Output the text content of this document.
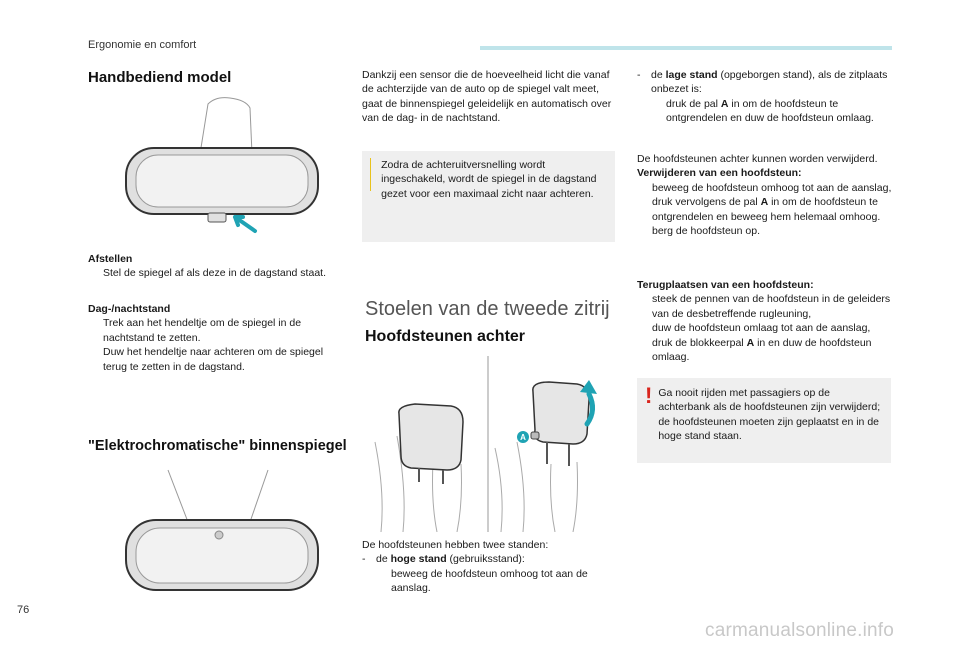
Ergonomie en comfort
Handbediend model
Afstellen
Stel de spiegel af als deze in de dagstand staat.
Dag-/nachtstand
Trek aan het hendeltje om de spiegel in de nachtstand te zetten.
Duw het hendeltje naar achteren om de spiegel terug te zetten in de dagstand.
"Elektrochromatische" binnenspiegel
Dankzij een sensor die de hoeveelheid licht die vanaf de achterzijde van de auto op de spiegel valt meet, gaat de binnenspiegel geleidelijk en automatisch over van de dag- in de nachtstand.
Zodra de achteruitversnelling wordt ingeschakeld, wordt de spiegel in de dagstand gezet voor een maximaal zicht naar achteren.
Stoelen van de tweede zitrij
Hoofdsteunen achter
A
De hoofdsteunen hebben twee standen:
-	de hoge stand (gebruiksstand):
beweeg de hoofdsteun omhoog tot aan de aanslag.
-	de lage stand (opgeborgen stand), als de zitplaats onbezet is:
druk de pal A in om de hoofdsteun te ontgrendelen en duw de hoofdsteun omlaag.
De hoofdsteunen achter kunnen worden verwijderd.
Verwijderen van een hoofdsteun:
beweeg de hoofdsteun omhoog tot aan de aanslag,
druk vervolgens de pal A in om de hoofdsteun te ontgrendelen en beweeg hem helemaal omhoog.
berg de hoofdsteun op.
Terugplaatsen van een hoofdsteun:
steek de pennen van de hoofdsteun in de geleiders van de desbetreffende rugleuning,
duw de hoofdsteun omlaag tot aan de aanslag,
druk de blokkeerpal A in en duw de hoofdsteun omlaag.
! Ga nooit rijden met passagiers op de achterbank als de hoofdsteunen zijn verwijderd; de hoofdsteunen moeten zijn geplaatst en in de hoge stand staan.
76
carmanualsonline.info
